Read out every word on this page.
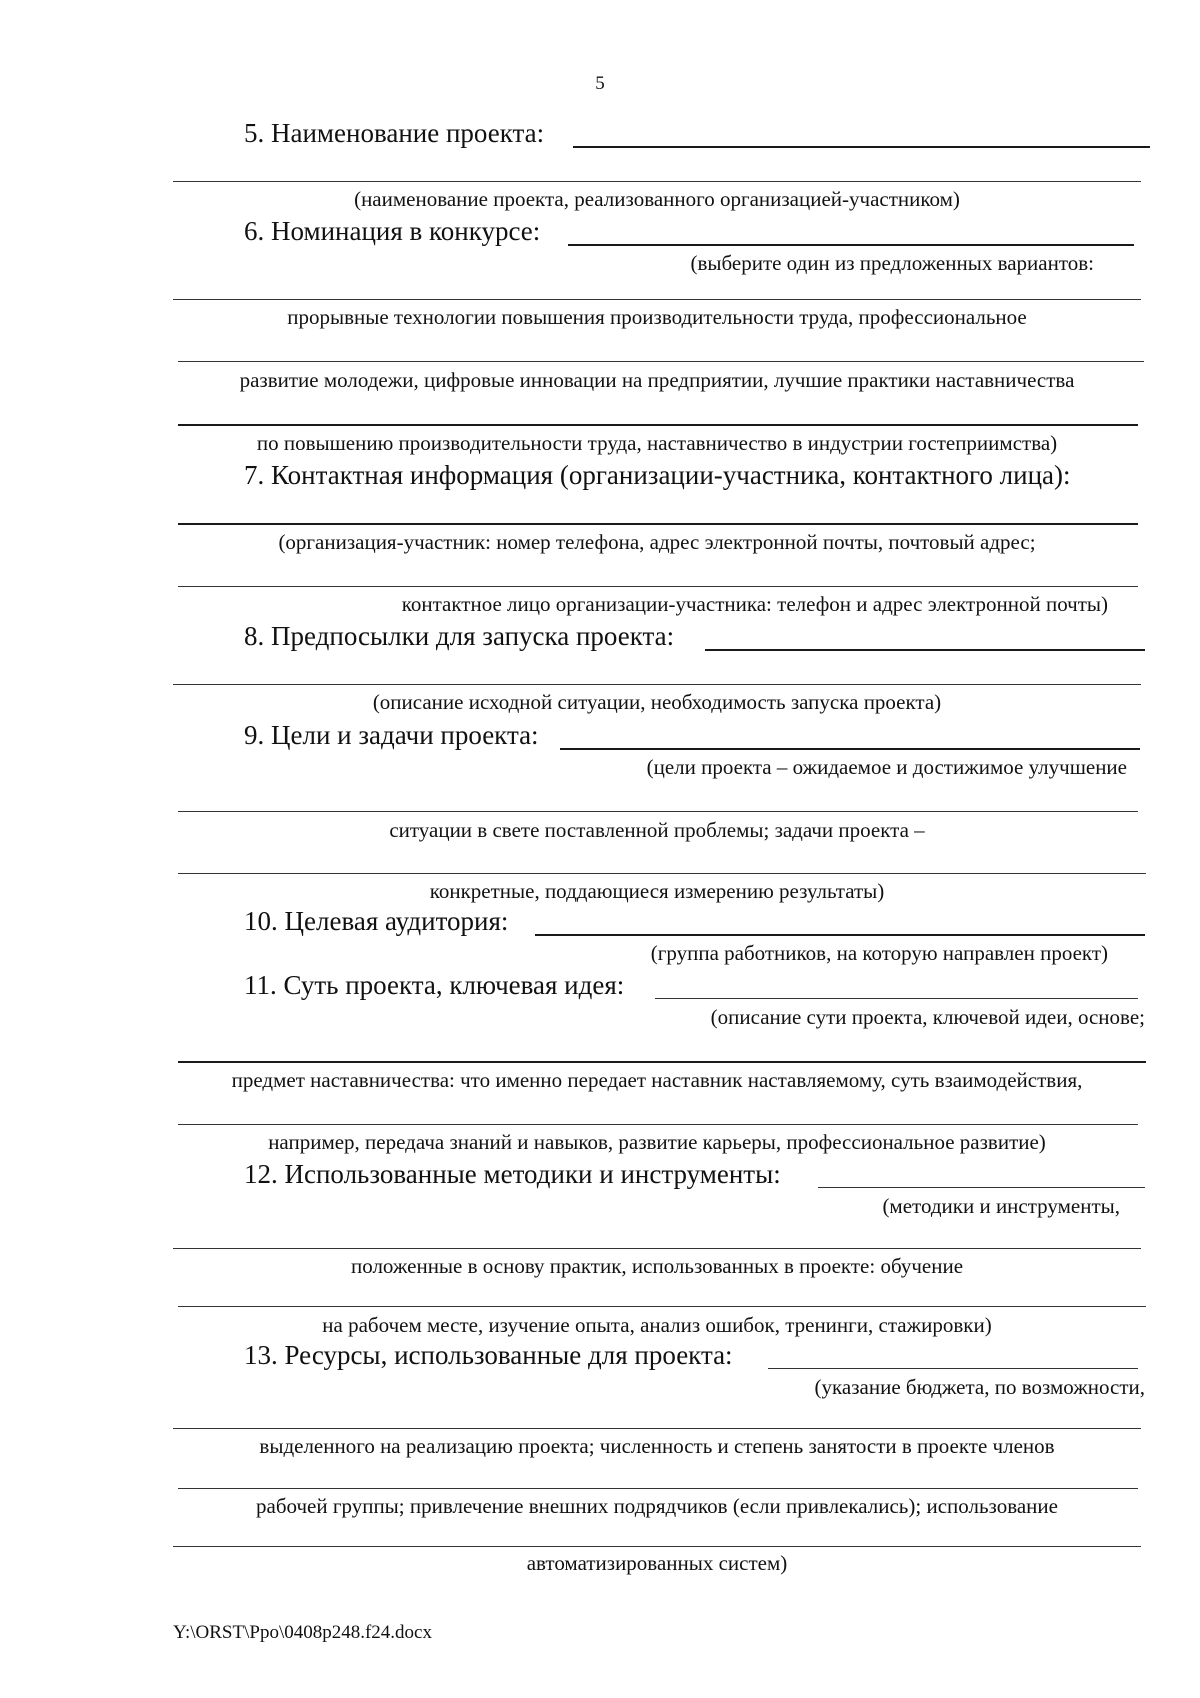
5
5. Наименование проекта:
(наименование проекта, реализованного организацией-участником)
6. Номинация в конкурсе:
(выберите один из предложенных вариантов:
прорывные технологии повышения производительности труда, профессиональное
развитие молодежи, цифровые инновации на предприятии, лучшие практики наставничества
по повышению производительности труда, наставничество в индустрии гостеприимства)
7. Контактная информация (организации-участника, контактного лица):
(организация-участник: номер телефона, адрес электронной почты, почтовый адрес;
контактное лицо организации-участника: телефон и адрес электронной почты)
8. Предпосылки для запуска проекта:
(описание исходной ситуации, необходимость запуска проекта)
9. Цели и задачи проекта:
(цели проекта – ожидаемое и достижимое улучшение
ситуации в свете поставленной проблемы; задачи проекта –
конкретные, поддающиеся измерению результаты)
10. Целевая аудитория:
(группа работников, на которую направлен проект)
11. Суть проекта, ключевая идея:
(описание сути проекта, ключевой идеи, основе;
предмет наставничества: что именно передает наставник наставляемому, суть взаимодействия,
например, передача знаний и навыков, развитие карьеры, профессиональное развитие)
12. Использованные методики и инструменты:
(методики и инструменты,
положенные в основу практик, использованных в проекте: обучение
на рабочем месте, изучение опыта, анализ ошибок, тренинги, стажировки)
13. Ресурсы, использованные для проекта:
(указание бюджета, по возможности,
выделенного на реализацию проекта; численность и степень занятости в проекте членов
рабочей группы; привлечение внешних подрядчиков (если привлекались); использование
автоматизированных систем)
Y:\ORST\Ppo\0408p248.f24.docx
